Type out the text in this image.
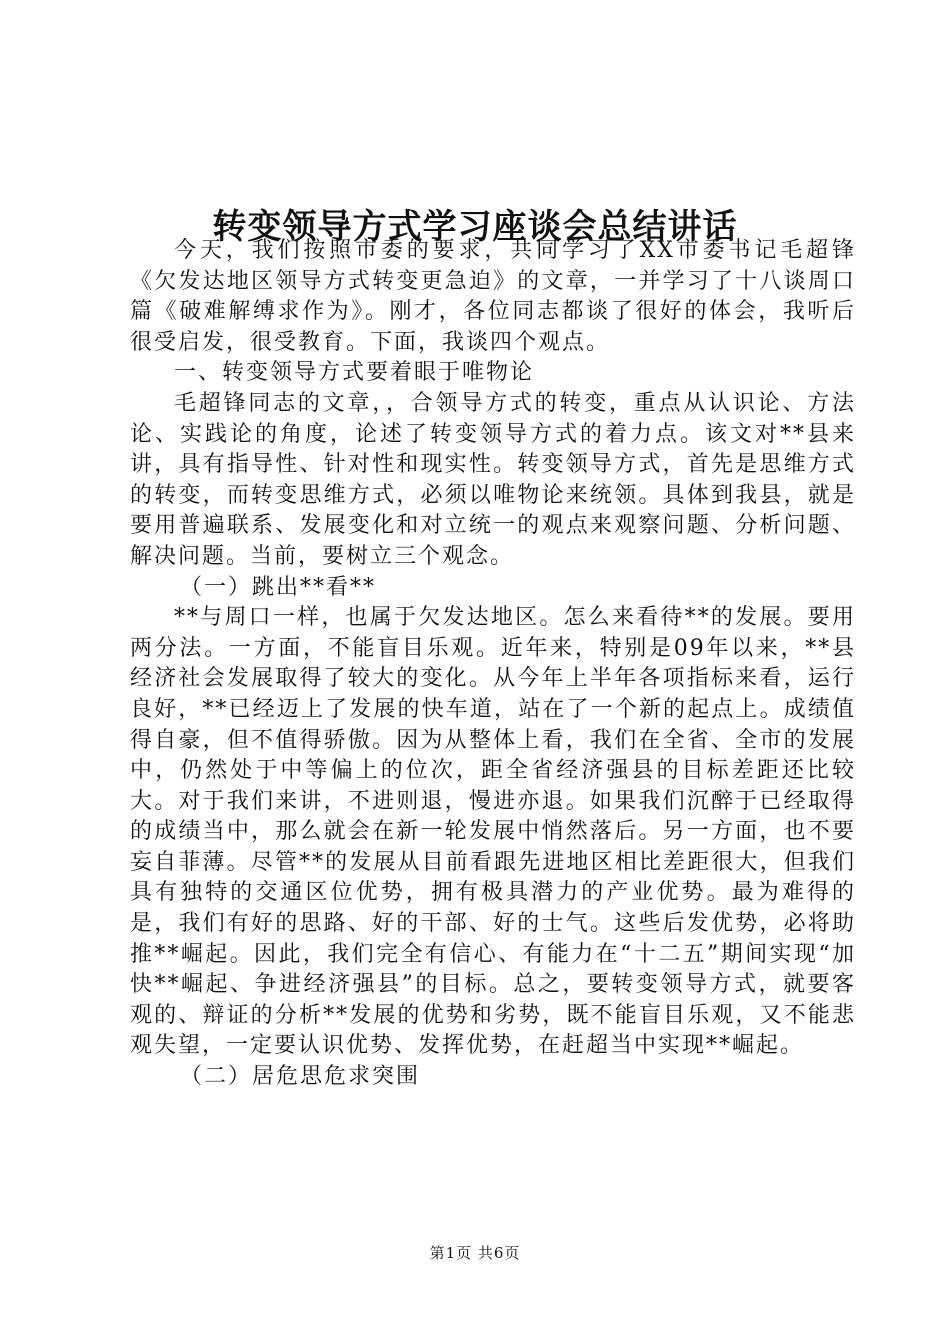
转变领导方式学习座谈会总结讲话

今天，我们按照市委的要求，共同学习了XX市委书记毛超锋《欠发达地区领导方式转变更急迫》的文章，一并学习了十八谈周口篇《破难解缚求作为》。刚才，各位同志都谈了很好的体会，我听后很受启发，很受教育。下面，我谈四个观点。

一、转变领导方式要着眼于唯物论

毛超锋同志的文章，，合领导方式的转变，重点从认识论、方法论、实践论的角度，论述了转变领导方式的着力点。该文对**县来讲，具有指导性、针对性和现实性。转变领导方式，首先是思维方式的转变，而转变思维方式，必须以唯物论来统领。具体到我县，就是要用普遍联系、发展变化和对立统一的观点来观察问题、分析问题、解决问题。当前，要树立三个观念。

（一）跳出**看**

**与周口一样，也属于欠发达地区。怎么来看待**的发展。要用两分法。一方面，不能盲目乐观。近年来，特别是09年以来，**县经济社会发展取得了较大的变化。从今年上半年各项指标来看，运行良好，**已经迈上了发展的快车道，站在了一个新的起点上。成绩值得自豪，但不值得骄傲。因为从整体上看，我们在全省、全市的发展中，仍然处于中等偏上的位次，距全省经济强县的目标差距还比较大。对于我们来讲，不进则退，慢进亦退。如果我们沉醉于已经取得的成绩当中，那么就会在新一轮发展中悄然落后。另一方面，也不要妄自菲薄。尽管**的发展从目前看跟先进地区相比差距很大，但我们具有独特的交通区位优势，拥有极具潜力的产业优势。最为难得的是，我们有好的思路、好的干部、好的士气。这些后发优势，必将助推**崛起。因此，我们完全有信心、有能力在“十二五”期间实现“加快**崛起、争进经济强县”的目标。总之，要转变领导方式，就要客观的、辩证的分析**发展的优势和劣势，既不能盲目乐观，又不能悲观失望，一定要认识优势、发挥优势，在赶超当中实现**崛起。

（二）居危思危求突围

第1页 共6页
